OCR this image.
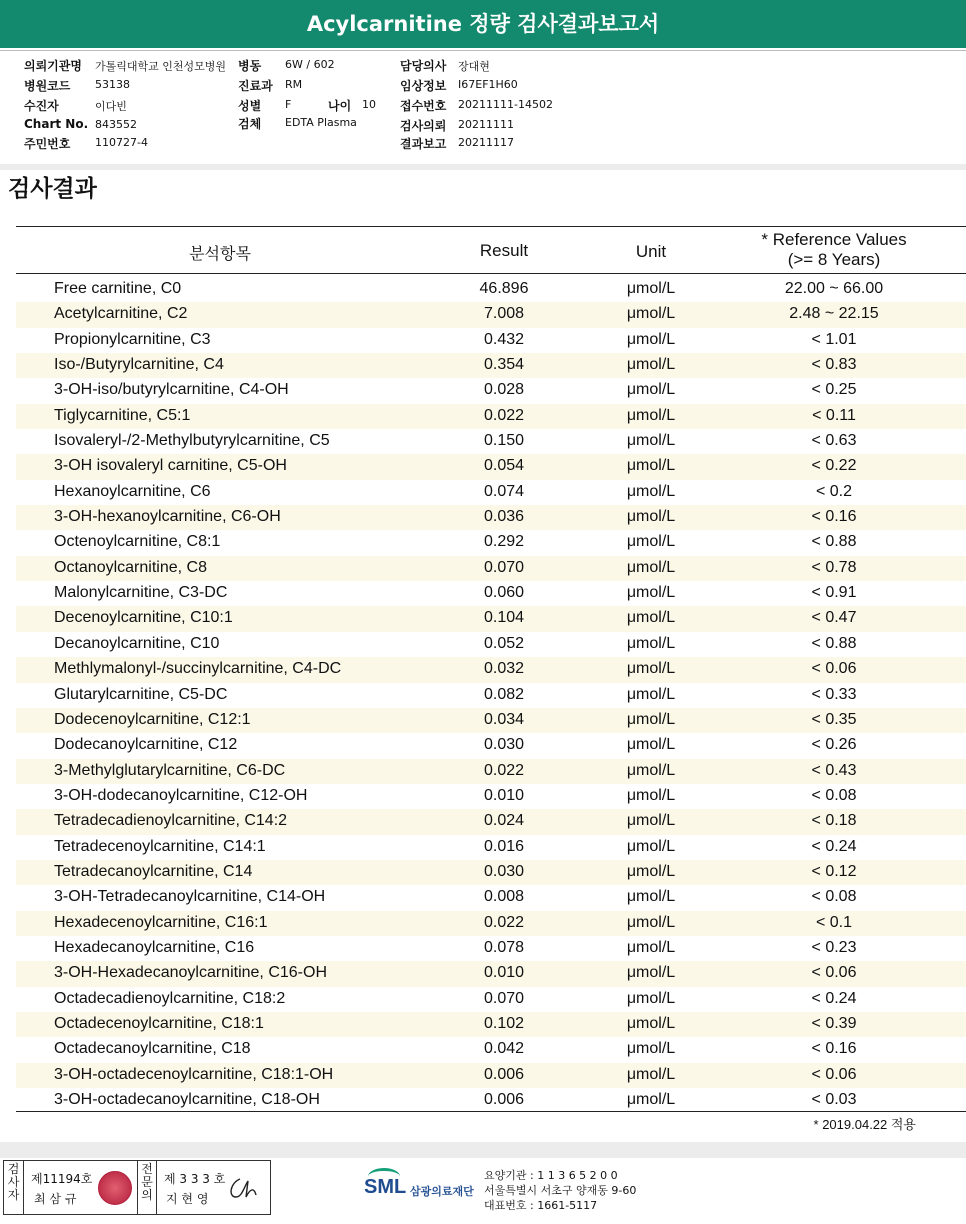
Acylcarnitine 정량 검사결과보고서
의뢰기관명 가톨릭대학교 인천성모병원 병동 6W / 602	담당의사 장대현
병원코드 53138	진료과 RM	임상정보 I67EF1H60
수진자	이다빈	성별 F	나이 10 접수번호 20211111-14502
Chart No. 843552	검체 EDTA Plasma	검사의뢰 20211111
주민번호 110727-4	결과보고 20211117
검사결과
분석항목	Result	Unit
* Reference Values
(>= 8 Years)
Free carnitine, C0	46.896	μmol/L	22.00 ~ 66.00
Acetylcarnitine, C2	7.008	μmol/L	2.48 ~ 22.15
Propionylcarnitine, C3	0.432	μmol/L	< 1.01
Iso-/Butyrylcarnitine, C4	0.354	μmol/L	< 0.83
3-OH-iso/butyrylcarnitine, C4-OH	0.028	μmol/L	< 0.25
Tiglycarnitine, C5:1	0.022	μmol/L	< 0.11
Isovaleryl-/2-Methylbutyrylcarnitine, C5	0.150	μmol/L	< 0.63
3-OH isovaleryl carnitine, C5-OH	0.054	μmol/L	< 0.22
Hexanoylcarnitine, C6	0.074	μmol/L	< 0.2
3-OH-hexanoylcarnitine, C6-OH	0.036	μmol/L	< 0.16
Octenoylcarnitine, C8:1	0.292	μmol/L	< 0.88
Octanoylcarnitine, C8	0.070	μmol/L	< 0.78
Malonylcarnitine, C3-DC	0.060	μmol/L	< 0.91
Decenoylcarnitine, C10:1	0.104	μmol/L	< 0.47
Decanoylcarnitine, C10	0.052	μmol/L	< 0.88
Methlymalonyl-/succinylcarnitine, C4-DC	0.032	μmol/L	< 0.06
Glutarylcarnitine, C5-DC	0.082	μmol/L	< 0.33
Dodecenoylcarnitine, C12:1	0.034	μmol/L	< 0.35
Dodecanoylcarnitine, C12	0.030	μmol/L	< 0.26
3-Methylglutarylcarnitine, C6-DC	0.022	μmol/L	< 0.43
3-OH-dodecanoylcarnitine, C12-OH	0.010	μmol/L	< 0.08
Tetradecadienoylcarnitine, C14:2	0.024	μmol/L	< 0.18
Tetradecenoylcarnitine, C14:1	0.016	μmol/L	< 0.24
Tetradecanoylcarnitine, C14	0.030	μmol/L	< 0.12
3-OH-Tetradecanoylcarnitine, C14-OH	0.008	μmol/L	< 0.08
Hexadecenoylcarnitine, C16:1	0.022	μmol/L	< 0.1
Hexadecanoylcarnitine, C16	0.078	μmol/L	< 0.23
3-OH-Hexadecanoylcarnitine, C16-OH	0.010	μmol/L	< 0.06
Octadecadienoylcarnitine, C18:2	0.070	μmol/L	< 0.24
Octadecenoylcarnitine, C18:1	0.102	μmol/L	< 0.39
Octadecanoylcarnitine, C18	0.042	μmol/L	< 0.16
3-OH-octadecenoylcarnitine, C18:1-OH	0.006	μmol/L	< 0.06
3-OH-octadecanoylcarnitine, C18-OH	0.006	μmol/L	< 0.03
* 2019.04.22 적용
검
사
자
제11194호
최 삼 규
전
문
의
제 3 3 3 호
지 현 영
SML 삼광의료재단
요양기관 : 1 1 3 6 5 2 0 0
서울특별시 서초구 양재동 9-60
대표번호 : 1661-5117
